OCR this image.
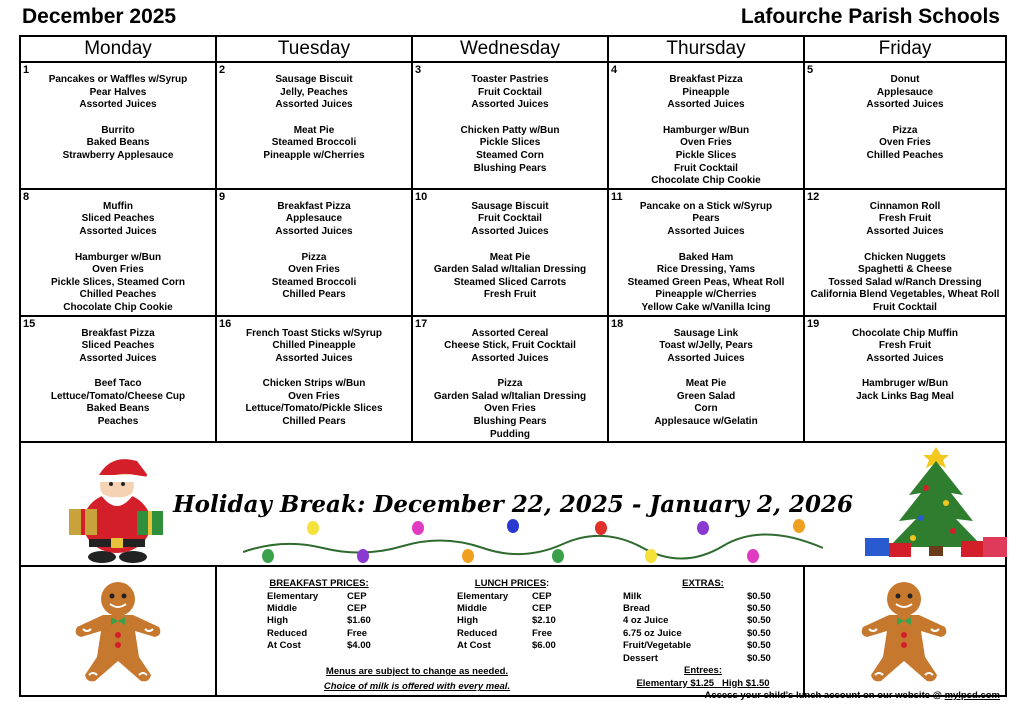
December 2025	Lafourche Parish Schools
Monday	Tuesday	Wednesday	Thursday	Friday

1
Pancakes or Waffles w/Syrup
Pear Halves
Assorted Juices
Burrito
Baked Beans
Strawberry Applesauce

2
Sausage Biscuit
Jelly, Peaches
Assorted Juices
Meat Pie
Steamed Broccoli
Pineapple w/Cherries

3
Toaster Pastries
Fruit Cocktail
Assorted Juices
Chicken Patty w/Bun
Pickle Slices
Steamed Corn
Blushing Pears

4
Breakfast Pizza
Pineapple
Assorted Juices
Hamburger w/Bun
Oven Fries
Pickle Slices
Fruit Cocktail
Chocolate Chip Cookie

5
Donut
Applesauce
Assorted Juices
Pizza
Oven Fries
Chilled Peaches

8
Muffin
Sliced Peaches
Assorted Juices
Hamburger w/Bun
Oven Fries
Pickle Slices, Steamed Corn
Chilled Peaches
Chocolate Chip Cookie

9
Breakfast Pizza
Applesauce
Assorted Juices
Pizza
Oven Fries
Steamed Broccoli
Chilled Pears

10
Sausage Biscuit
Fruit Cocktail
Assorted Juices
Meat Pie
Garden Salad w/Italian Dressing
Steamed Sliced Carrots
Fresh Fruit

11
Pancake on a Stick w/Syrup
Pears
Assorted Juices
Baked Ham
Rice Dressing, Yams
Steamed Green Peas, Wheat Roll
Pineapple w/Cherries
Yellow Cake w/Vanilla Icing

12
Cinnamon Roll
Fresh Fruit
Assorted Juices
Chicken Nuggets
Spaghetti & Cheese
Tossed Salad w/Ranch Dressing
California Blend Vegetables, Wheat Roll
Fruit Cocktail

15
Breakfast Pizza
Sliced Peaches
Assorted Juices
Beef Taco
Lettuce/Tomato/Cheese Cup
Baked Beans
Peaches

16
French Toast Sticks w/Syrup
Chilled Pineapple
Assorted Juices
Chicken Strips w/Bun
Oven Fries
Lettuce/Tomato/Pickle Slices
Chilled Pears

17
Assorted Cereal
Cheese Stick, Fruit Cocktail
Assorted Juices
Pizza
Garden Salad w/Italian Dressing
Oven Fries
Blushing Pears
Pudding

18
Sausage Link
Toast w/Jelly, Pears
Assorted Juices
Meat Pie
Green Salad
Corn
Applesauce w/Gelatin

19
Chocolate Chip Muffin
Fresh Fruit
Assorted Juices
Hambruger w/Bun
Jack Links Bag Meal

Holiday Break: December 22, 2025 - January 2, 2026

BREAKFAST PRICES:
Elementary	CEP
Middle	CEP
High	$1.60
Reduced	Free
At Cost	$4.00
LUNCH PRICES:
Elementary	CEP
Middle	CEP
High	$2.10
Reduced	Free
At Cost	$6.00
EXTRAS:
Milk	$0.50
Bread	$0.50
4 oz Juice	$0.50
6.75 oz Juice	$0.50
Fruit/Vegetable	$0.50
Dessert	$0.50
Entrees:
Elementary $1.25   High $1.50
Menus are subject to change as needed.
Choice of milk is offered with every meal.

Access your child's lunch account on our website @ mylpsd.com
